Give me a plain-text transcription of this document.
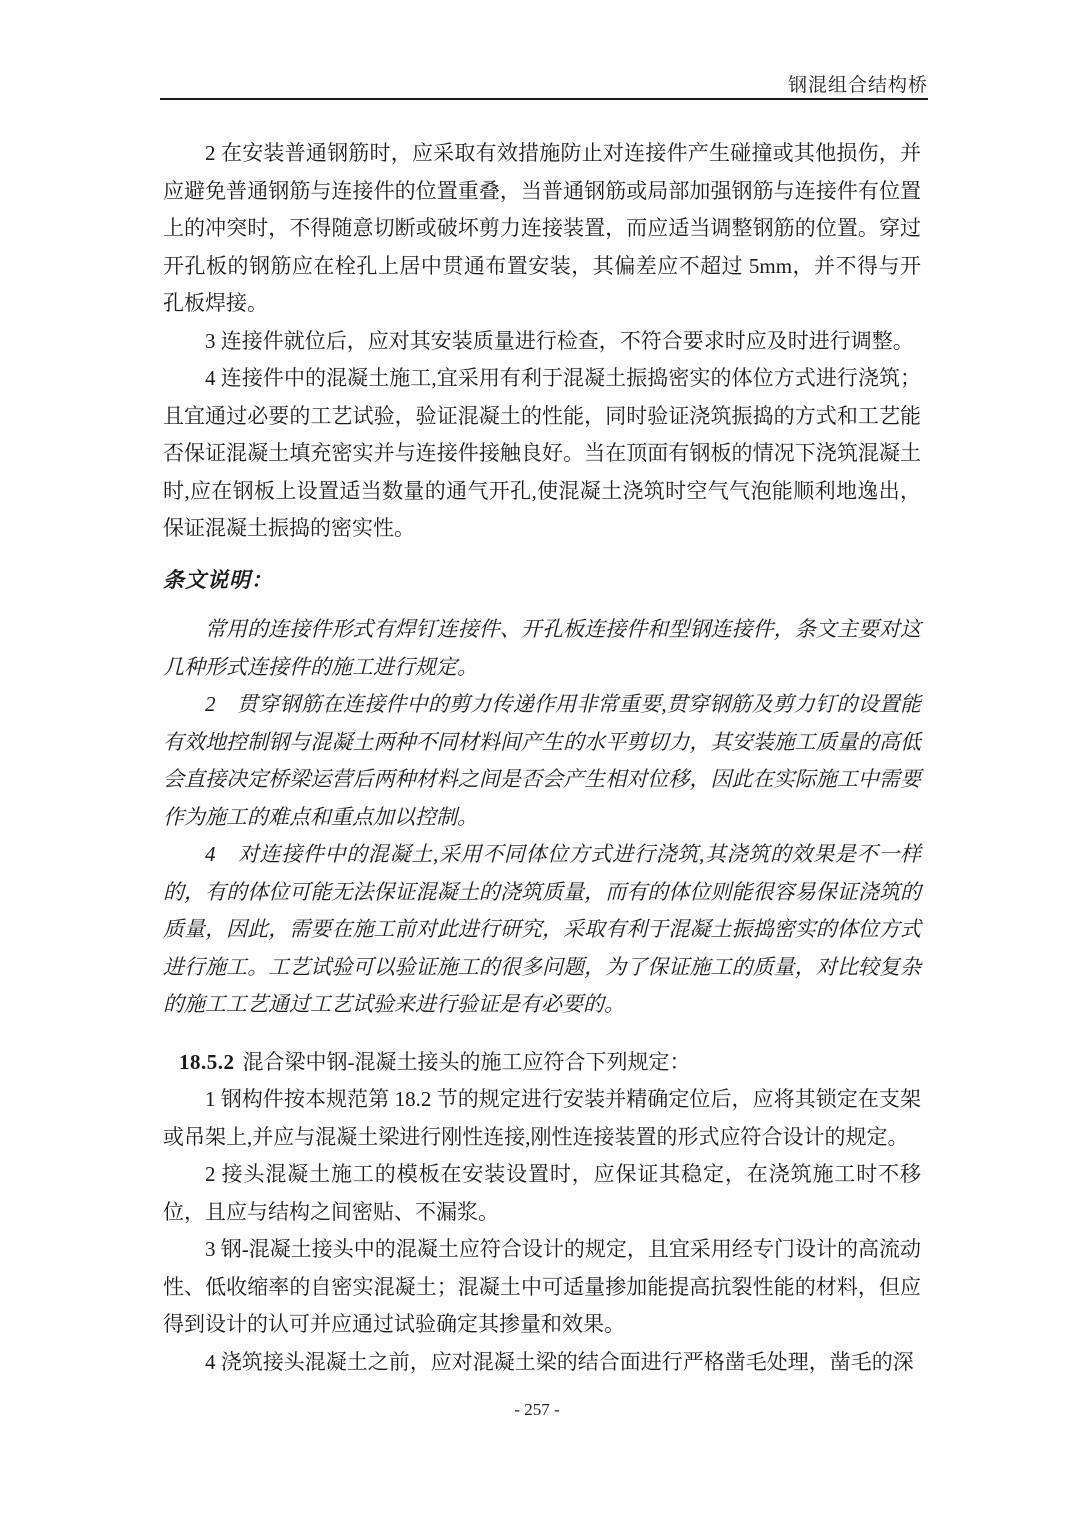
钢混组合结构桥

2 在安装普通钢筋时，应采取有效措施防止对连接件产生碰撞或其他损伤，并应避免普通钢筋与连接件的位置重叠，当普通钢筋或局部加强钢筋与连接件有位置上的冲突时，不得随意切断或破坏剪力连接装置，而应适当调整钢筋的位置。穿过开孔板的钢筋应在栓孔上居中贯通布置安装，其偏差应不超过 5mm，并不得与开孔板焊接。

3 连接件就位后，应对其安装质量进行检查，不符合要求时应及时进行调整。

4 连接件中的混凝土施工,宜采用有利于混凝土振捣密实的体位方式进行浇筑；且宜通过必要的工艺试验，验证混凝土的性能，同时验证浇筑振捣的方式和工艺能否保证混凝土填充密实并与连接件接触良好。当在顶面有钢板的情况下浇筑混凝土时,应在钢板上设置适当数量的通气开孔,使混凝土浇筑时空气气泡能顺利地逸出，保证混凝土振捣的密实性。

条文说明：

常用的连接件形式有焊钉连接件、开孔板连接件和型钢连接件，条文主要对这几种形式连接件的施工进行规定。

2　贯穿钢筋在连接件中的剪力传递作用非常重要,贯穿钢筋及剪力钉的设置能有效地控制钢与混凝土两种不同材料间产生的水平剪切力，其安装施工质量的高低会直接决定桥梁运营后两种材料之间是否会产生相对位移，因此在实际施工中需要作为施工的难点和重点加以控制。

4　对连接件中的混凝土,采用不同体位方式进行浇筑,其浇筑的效果是不一样的，有的体位可能无法保证混凝土的浇筑质量，而有的体位则能很容易保证浇筑的质量，因此，需要在施工前对此进行研究，采取有利于混凝土振捣密实的体位方式进行施工。工艺试验可以验证施工的很多问题，为了保证施工的质量，对比较复杂的施工工艺通过工艺试验来进行验证是有必要的。

18.5.2 混合梁中钢-混凝土接头的施工应符合下列规定：

1 钢构件按本规范第 18.2 节的规定进行安装并精确定位后，应将其锁定在支架或吊架上,并应与混凝土梁进行刚性连接,刚性连接装置的形式应符合设计的规定。

2 接头混凝土施工的模板在安装设置时，应保证其稳定，在浇筑施工时不移位，且应与结构之间密贴、不漏浆。

3 钢-混凝土接头中的混凝土应符合设计的规定，且宜采用经专门设计的高流动性、低收缩率的自密实混凝土；混凝土中可适量掺加能提高抗裂性能的材料，但应得到设计的认可并应通过试验确定其掺量和效果。

4 浇筑接头混凝土之前，应对混凝土梁的结合面进行严格凿毛处理，凿毛的深

- 257 -
